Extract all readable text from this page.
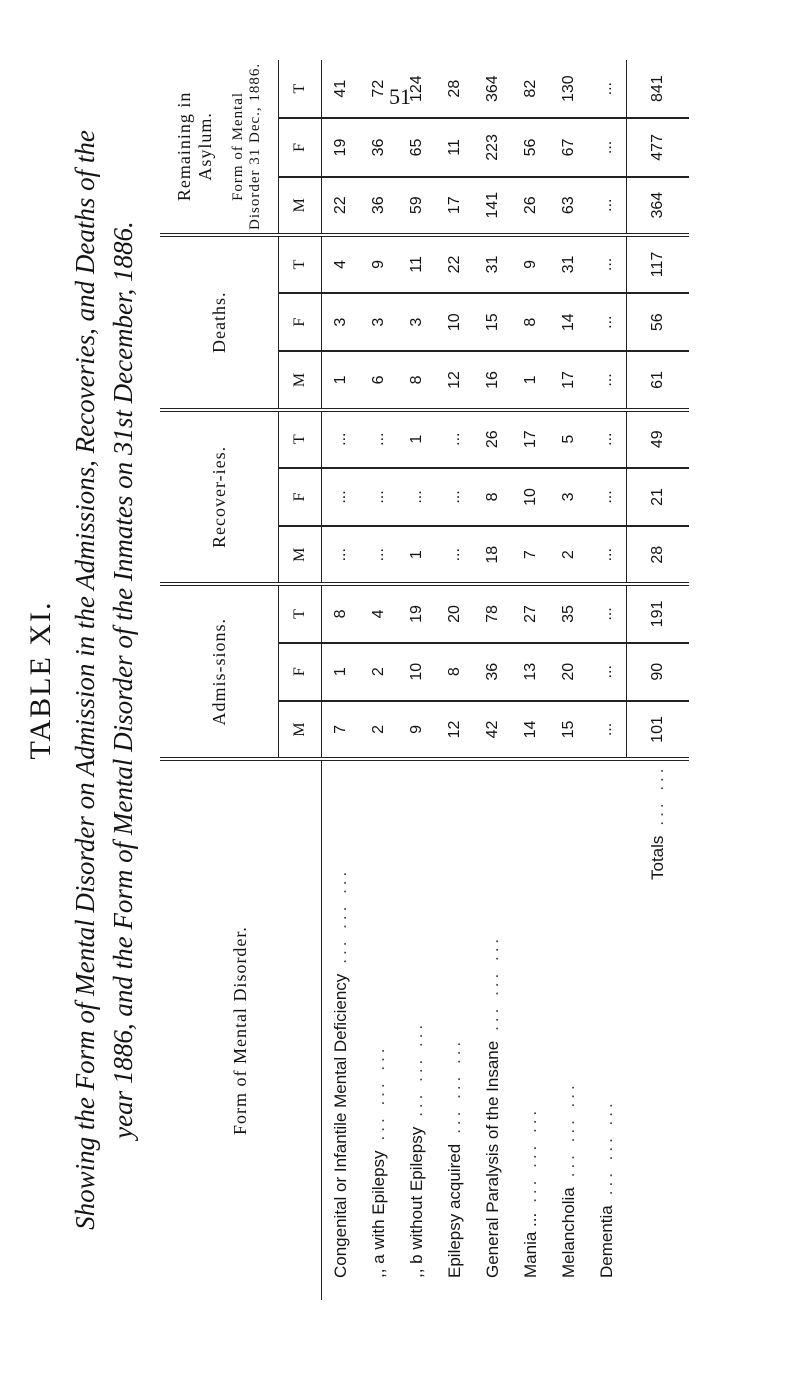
51
TABLE XI. Showing the Form of Mental Disorder on Admission in the Admissions, Recoveries, and Deaths of the year 1886, and the Form of Mental Disorder of the Inmates on 31st December, 1886.	Form of Mental Disorder.	Admis-sions.			Recover-ies.			Deaths.			Remaining in Asylum. Form of Mental Disorder 31 Dec., 1886.		

	M	F	T	M	F	T	M	F	T	M	F	T
Congenital or Infantile Mental Deficiency... ... ...	7	1	8	...	...	...	1	3	4	22	19	41
,, a with Epilepsy... ... ...	2	2	4	...	...	...	6	3	9	36	36	72
,, b without Epilepsy... ... ...	9	10	19	1	...	1	8	3	11	59	65	124
Epilepsy acquired... ... ...	12	8	20	...	...	...	12	10	22	17	11	28
General Paralysis of the Insane... ... ...	42	36	78	18	8	26	16	15	31	141	223	364
Mania ...... ... ...	14	13	27	7	10	17	1	8	9	26	56	82
Melancholia... ... ...	15	20	35	2	3	5	17	14	31	63	67	130
Dementia... ... ...	...	...	...	...	...	...	...	...	...	...	...	...
Totals... ...	101	90	191	28	21	49	61	56	117	364	477	841
